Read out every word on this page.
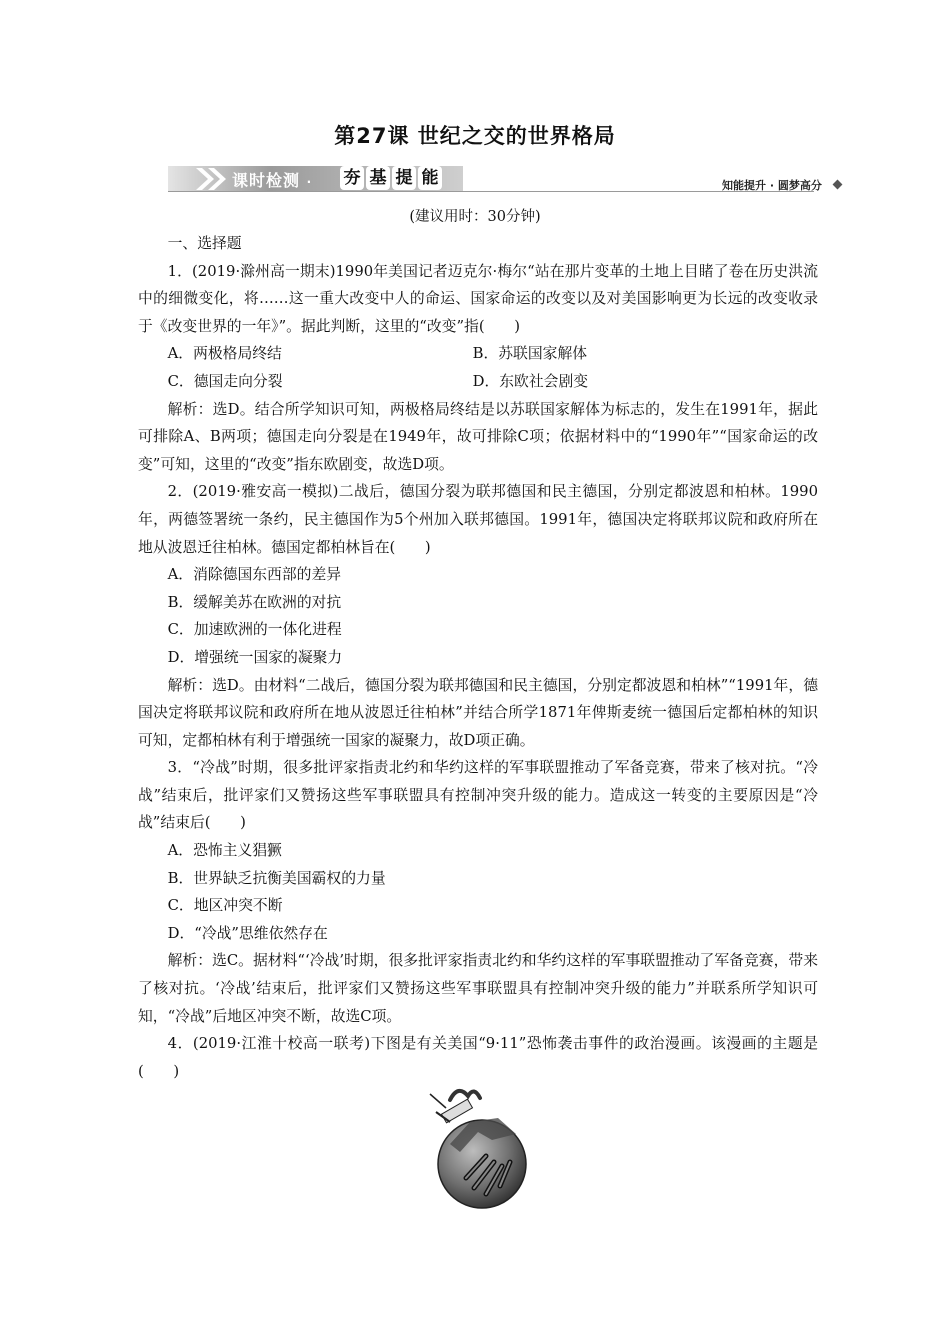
第27课 世纪之交的世界格局
课时检测 · 夯 基 提 能	知能提升 · 圆梦高分
(建议用时：30分钟)

一、选择题

1．(2019·滁州高一期末)1990年美国记者迈克尔·梅尔“站在那片变革的土地上目睹了卷在历史洪流中的细微变化，将……这一重大改变中人的命运、国家命运的改变以及对美国影响更为长远的改变收录于《改变世界的一年》”。据此判断，这里的“改变”指(　　)

A．两极格局终结	B．苏联国家解体
C．德国走向分裂	D．东欧社会剧变

解析：选D。结合所学知识可知，两极格局终结是以苏联国家解体为标志的，发生在1991年，据此可排除A、B两项；德国走向分裂是在1949年，故可排除C项；依据材料中的“1990年”“国家命运的改变”可知，这里的“改变”指东欧剧变，故选D项。

2．(2019·雅安高一模拟)二战后，德国分裂为联邦德国和民主德国，分别定都波恩和柏林。1990年，两德签署统一条约，民主德国作为5个州加入联邦德国。1991年，德国决定将联邦议院和政府所在地从波恩迁往柏林。德国定都柏林旨在(　　)

A．消除德国东西部的差异
B．缓解美苏在欧洲的对抗
C．加速欧洲的一体化进程
D．增强统一国家的凝聚力

解析：选D。由材料“二战后，德国分裂为联邦德国和民主德国，分别定都波恩和柏林”“1991年，德国决定将联邦议院和政府所在地从波恩迁往柏林”并结合所学1871年俾斯麦统一德国后定都柏林的知识可知，定都柏林有利于增强统一国家的凝聚力，故D项正确。

3．“冷战”时期，很多批评家指责北约和华约这样的军事联盟推动了军备竞赛，带来了核对抗。“冷战”结束后，批评家们又赞扬这些军事联盟具有控制冲突升级的能力。造成这一转变的主要原因是“冷战”结束后(　　)

A．恐怖主义猖獗
B．世界缺乏抗衡美国霸权的力量
C．地区冲突不断
D．“冷战”思维依然存在

解析：选C。据材料“‘冷战’时期，很多批评家指责北约和华约这样的军事联盟推动了军备竞赛，带来了核对抗。‘冷战’结束后，批评家们又赞扬这些军事联盟具有控制冲突升级的能力”并联系所学知识可知，“冷战”后地区冲突不断，故选C项。

4．(2019·江淮十校高一联考)下图是有关美国“9·11”恐怖袭击事件的政治漫画。该漫画的主题是(　　)
